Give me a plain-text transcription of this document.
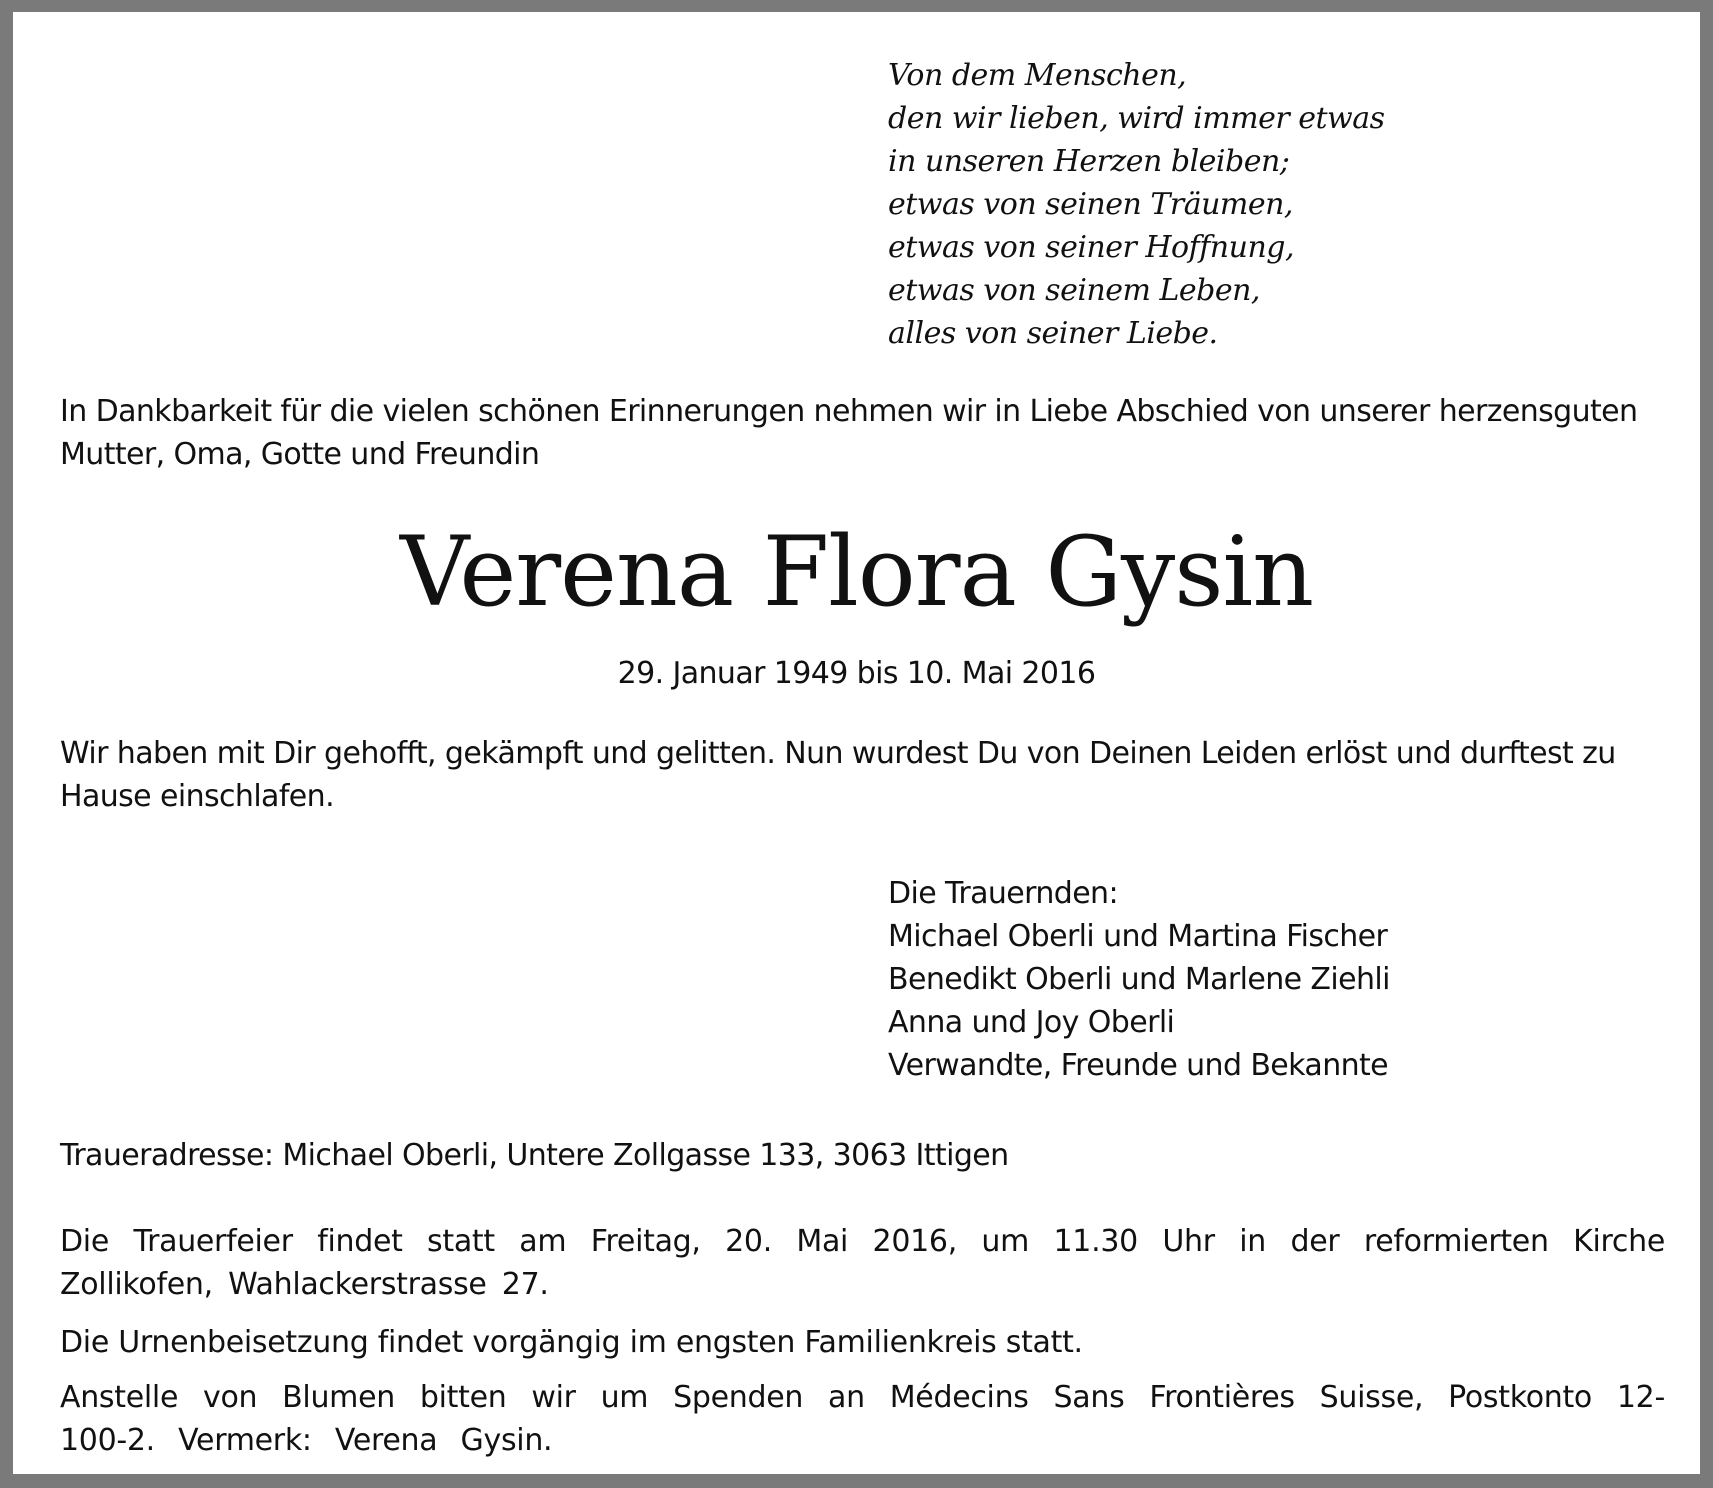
Von dem Menschen,
den wir lieben, wird immer etwas
in unseren Herzen bleiben;
etwas von seinen Träumen,
etwas von seiner Hoffnung,
etwas von seinem Leben,
alles von seiner Liebe.
In Dankbarkeit für die vielen schönen Erinnerungen nehmen wir in Liebe Abschied von unserer herzensguten Mutter, Oma, Gotte und Freundin
Verena Flora Gysin
29. Januar 1949 bis 10. Mai 2016
Wir haben mit Dir gehofft, gekämpft und gelitten. Nun wurdest Du von Deinen Leiden erlöst und durftest zu Hause einschlafen.
Die Trauernden:
Michael Oberli und Martina Fischer
Benedikt Oberli und Marlene Ziehli
Anna und Joy Oberli
Verwandte, Freunde und Bekannte
Traueradresse: Michael Oberli, Untere Zollgasse 133, 3063 Ittigen
Die Trauerfeier findet statt am Freitag, 20. Mai 2016, um 11.30 Uhr in der reformierten Kirche Zollikofen, Wahlackerstrasse 27.
Die Urnenbeisetzung findet vorgängig im engsten Familienkreis statt.
Anstelle von Blumen bitten wir um Spenden an Médecins Sans Frontières Suisse, Postkonto 12-100-2. Vermerk: Verena Gysin.
